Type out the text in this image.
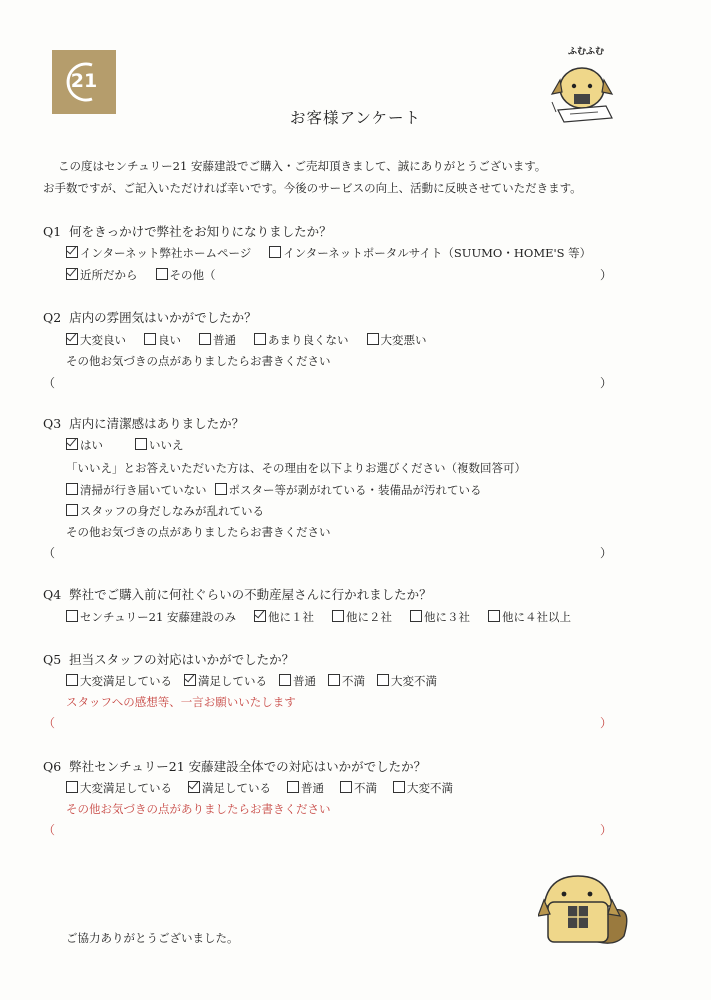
21
ふむふむ
お客様アンケート
この度はセンチュリー21 安藤建設でご購入・ご売却頂きまして、誠にありがとうございます。
お手数ですが、ご記入いただければ幸いです。今後のサービスの向上、活動に反映させていただきます。
Q1 何をきっかけで弊社をお知りになりましたか？
インターネット弊社ホームページ	インターネットポータルサイト（SUUMO・HOME'S 等）
近所だから	その他（	）
Q2 店内の雰囲気はいかがでしたか？
大変良い	良い	普通	あまり良くない	大変悪い
その他お気づきの点がありましたらお書きください
（	）
Q3 店内に清潔感はありましたか？
はい	いいえ
「いいえ」とお答えいただいた方は、その理由を以下よりお選びください（複数回答可）
清掃が行き届いていない ポスター等が剥がれている・装備品が汚れている
スタッフの身だしなみが乱れている
その他お気づきの点がありましたらお書きください
（	）
Q4 弊社でご購入前に何社ぐらいの不動産屋さんに行かれましたか？
センチュリー21 安藤建設のみ	他に１社	他に２社	他に３社	他に４社以上
Q5 担当スタッフの対応はいかがでしたか？
大変満足している 満足している 普通 不満 大変不満
スタッフへの感想等、一言お願いいたします
（	）
Q6 弊社センチュリー21 安藤建設全体での対応はいかがでしたか？
大変満足している	満足している	普通	不満	大変不満
その他お気づきの点がありましたらお書きください
（	）
ご協力ありがとうございました。
